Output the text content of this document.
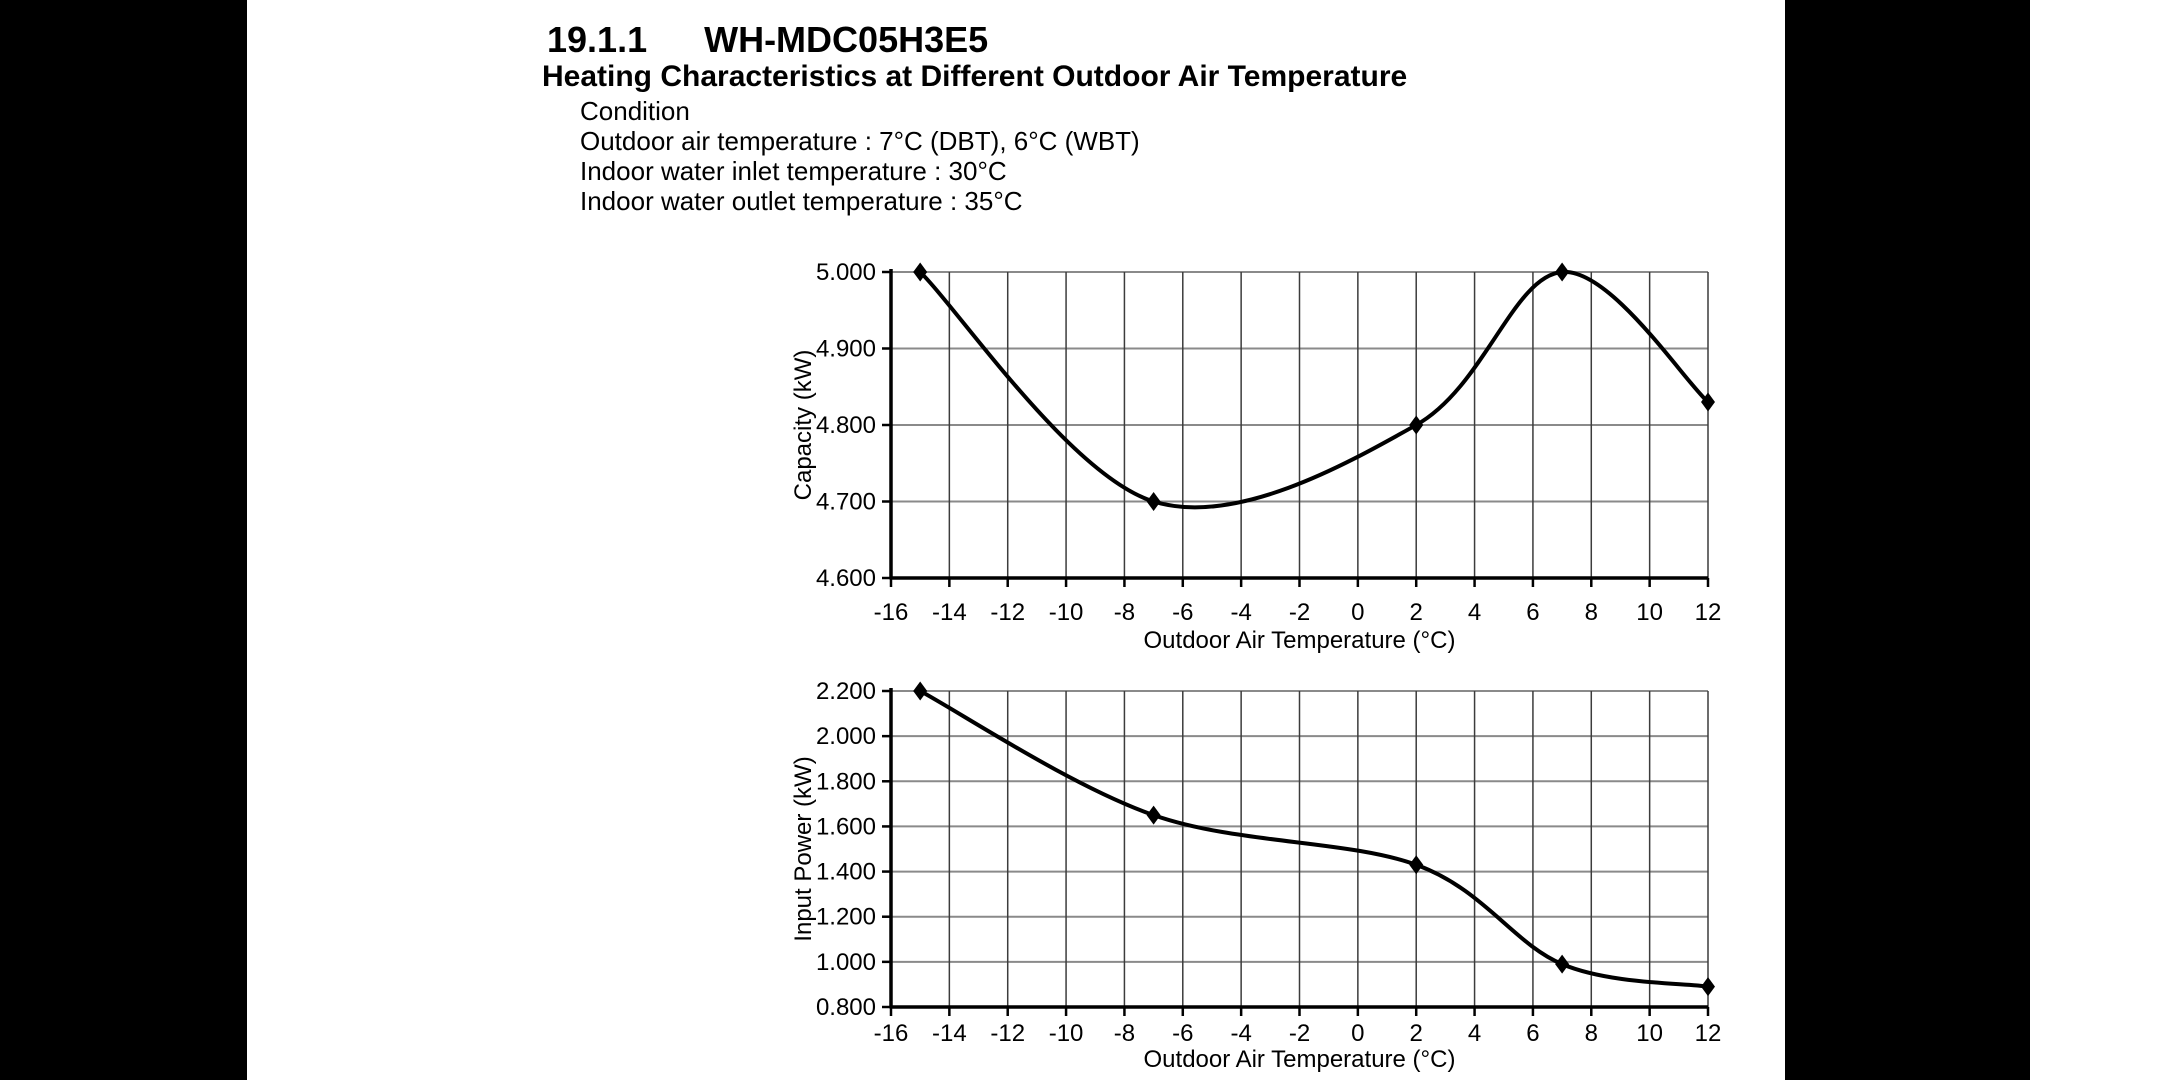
19.1.1 WH-MDC05H3E5
Heating Characteristics at Different Outdoor Air Temperature
Condition
Outdoor air temperature : 7°C (DBT), 6°C (WBT)
Indoor water inlet temperature : 30°C
Indoor water outlet temperature : 35°C
5.000
4.900
4.800
4.700
4.600
-16 -14 -12 -10 -8 -6 -4 -2 0 2 4 6 8 10 12
Outdoor Air Temperature (°C)
Capacity (kW)
2.200
2.000
1.800
1.600
1.400
1.200
1.000
0.800
-16 -14 -12 -10 -8 -6 -4 -2 0 2 4 6 8 10 12
Outdoor Air Temperature (°C)
Input Power (kW)
